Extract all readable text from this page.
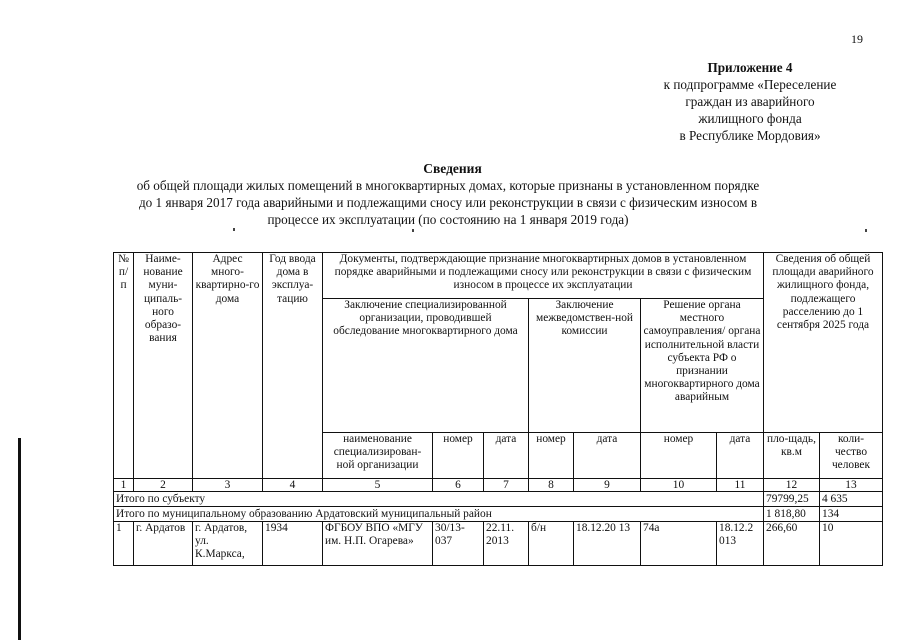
19
Приложение 4
к подпрограмме «Переселение
граждан из аварийного
жилищного фонда
в Республике Мордовия»
Сведения
об общей площади жилых помещений в многоквартирных домах, которые признаны в установленном порядке
до 1 января 2017 года аварийными и подлежащими сносу или реконструкции в связи с физическим износом в
процессе их эксплуатации (по состоянию на 1 января 2019 года)
№ п/п	Наиме-нование муни-ципаль-ного образо-вания	Адрес много-квартирно-го дома	Год ввода дома в эксплуа-тацию	Документы, подтверждающие признание многоквартирных домов в установленном порядке аварийными и подлежащими сносу или реконструкции в связи с физическим износом в процессе их эксплуатации							Сведения об общей площади аварийного жилищного фонда, подлежащего расселению до 1 сентября 2025 года	
				Заключение специализированной организации, проводившей обследование многоквартирного дома			Заключение межведомствен-ной комиссии		Решение органа местного самоуправления/ органа исполнительной власти субъекта РФ о признании многоквартирного дома аварийным			
				наименование специализирован-ной организации	номер	дата	номер	дата	номер	дата	пло-щадь, кв.м	коли-чество человек
1	2	3	4	5	6	7	8	9	10	11	12	13
Итого по субъекту											79799,25	4 635
Итого по муниципальному образованию Ардатовский муниципальный район											1 818,80	134
1	г. Ардатов	г. Ардатов, ул. К.Маркса,	1934	ФГБОУ ВПО «МГУ им. Н.П. Огарева»	30/13-037	22.11. 2013	б/н	18.12.20 13	74а	18.12.2 013	266,60	10
